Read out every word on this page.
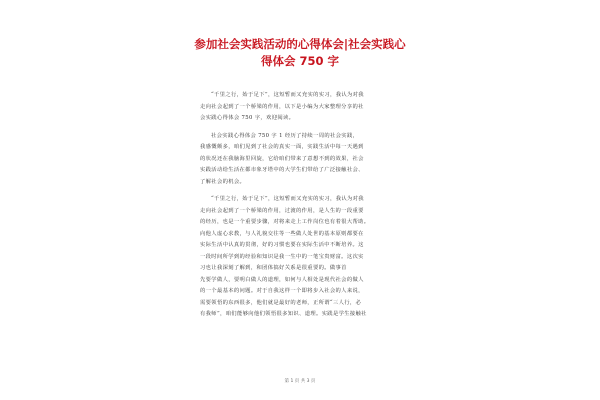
参加社会实践活动的心得体会|社会实践心
得体会 750 字
“千里之行，始于足下”，这短暂而又充实的实习，我认为对我
走向社会起到了一个桥梁的作用，以下是小编为大家整理分享的社
会实践心得体会 750 字，欢迎阅读。
社会实践心得体会 750 字 1 经历了持续一周的社会实践，
我感慨颇多，咱们见到了社会的真实一面，实践生活中每一天遇到
的状况还在我脑海里回旋，它给咱们带来了意想不到的效果，社会
实践活动给生活在都市象牙塔中的大学生们带给了广泛接触社会、
了解社会的机会。
“千里之行，始于足下”，这短暂而又充实的实习，我认为对我
走向社会起到了一个桥梁的作用，过渡的作用，是人生的一段重要
的经历，也是一个重要步骤，对将来走上工作岗位也有着很大帮助。
向他人虚心求教，与人礼貌交往等一些做人处世的基本原则都要在
实际生活中认真的贯彻，好的习惯也要在实际生活中不断培养。这
一段时间所学到的经验和知识是我一生中的一笔宝贵财富。这次实
习也让我深刻了解到，和团体搞好关系是很重要的。做事首
先要学做人，要明白做人的道理，如何与人相处是现代社会的做人
的一个最基本的问题。对于自我这样一个即将步入社会的人来说，
需要领悟的东西很多，他们就是最好的老师，正所谓“三人行，必
有我师”，咱们能够向他们领悟很多知识、道理。实践是学生接触社
第 1 页 共 3 页
